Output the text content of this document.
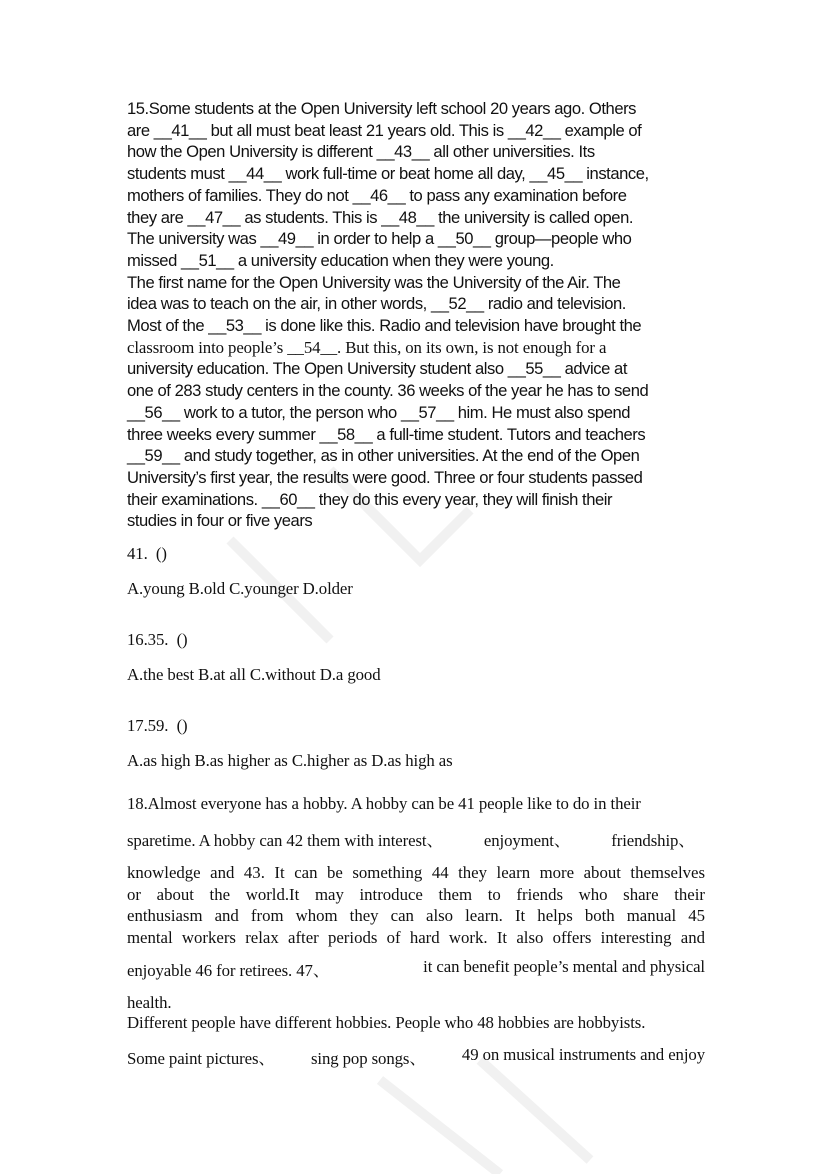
15.Some students at the Open University left school 20 years ago. Others

are __41__ but all must beat least 21 years old. This is __42__ example of

how the Open University is different __43__ all other universities. Its

students must __44__ work full-time or beat home all day, __45__ instance,

mothers of families. They do not __46__ to pass any examination before

they are __47__ as students. This is __48__ the university is called open.

The university was __49__ in order to help a __50__ group—people who

missed __51__ a university education when they were young.

The first name for the Open University was the University of the Air. The

idea was to teach on the air, in other words, __52__ radio and television.

Most of the __53__ is done like this. Radio and television have brought the

classroom into people’s __54__. But this, on its own, is not enough for a

university education. The Open University student also __55__ advice at

one of 283 study centers in the county. 36 weeks of the year he has to send

__56__ work to a tutor, the person who __57__ him. He must also spend

three weeks every summer __58__ a full-time student. Tutors and teachers

__59__ and study together, as in other universities. At the end of the Open

University’s first year, the results were good. Three or four students passed

their examinations. __60__ they do this every year, they will finish their

studies in four or five years

41. ()
A.young B.old C.younger D.older
16.35. ()
A.the best B.at all C.without D.a good
17.59. ()
A.as high B.as higher as C.higher as D.as high as
18.Almost everyone has a hobby. A hobby can be 41 people like to do in their
sparetime. A hobby can 42 them with interest、 enjoyment、 friendship、
knowledge and 43. It can be something 44 they learn more about themselves
or about the world.It may introduce them to friends who share their
enthusiasm and from whom they can also learn. It helps both manual 45
mental workers relax after periods of hard work. It also offers interesting and
enjoyable 46 for retirees. 47、	it can benefit people’s mental and physical
health.
Different people have different hobbies. People who 48 hobbies are hobbyists.
Some paint pictures、 sing pop songs、 49 on musical instruments and enjoy
